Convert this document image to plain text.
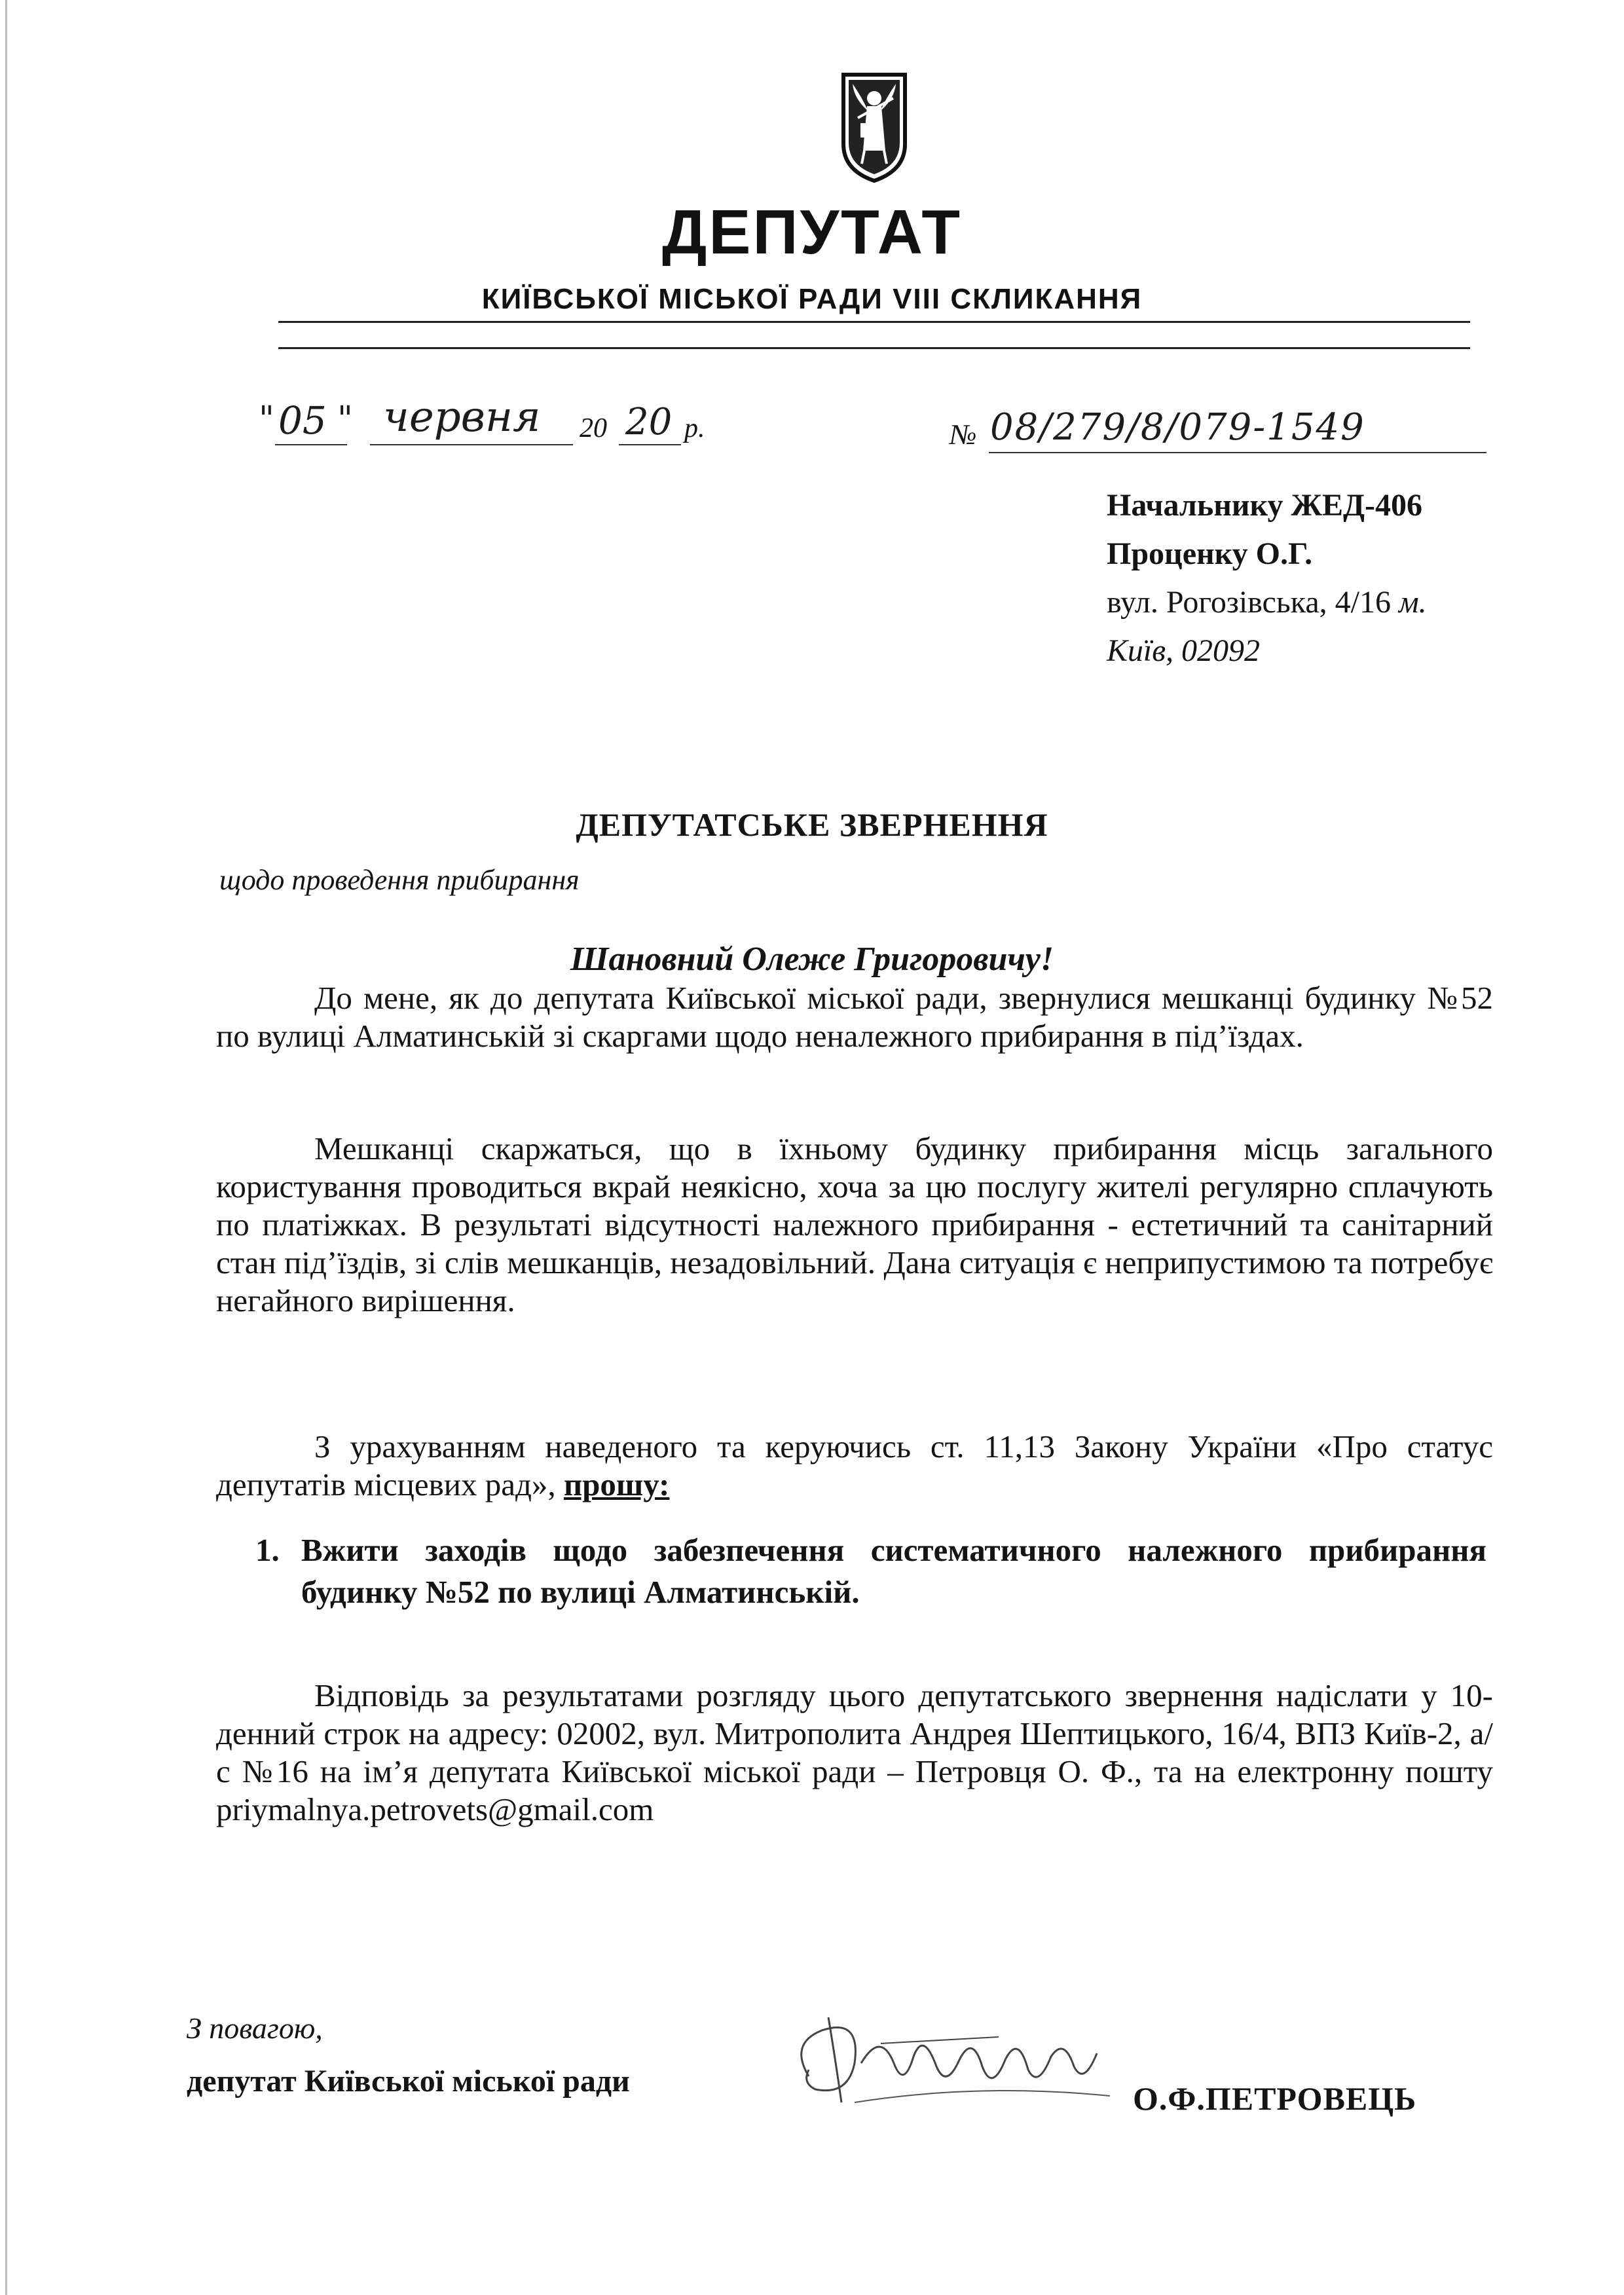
ДЕПУТАТ
КИЇВСЬКОЇ МІСЬКОЇ РАДИ VIII СКЛИКАННЯ
" 05 " червня 20 20 р.	№ 08/279/8/079-1549
Начальнику ЖЕД-406
Проценку О.Г.
вул. Рогозівська, 4/16 м.
Київ, 02092
ДЕПУТАТСЬКЕ ЗВЕРНЕННЯ
щодо проведення прибирання
Шановний Олеже Григоровичу!

До мене, як до депутата Київської міської ради, звернулися мешканці будинку №52 по вулиці Алматинській зі скаргами щодо неналежного прибирання в під’їздах.

Мешканці скаржаться, що в їхньому будинку прибирання місць загального користування проводиться вкрай неякісно, хоча за цю послугу жителі регулярно сплачують по платіжках. В результаті відсутності належного прибирання - естетичний та санітарний стан під’їздів, зі слів мешканців, незадовільний. Дана ситуація є неприпустимою та потребує негайного вирішення.

З урахуванням наведеного та керуючись ст. 11,13 Закону України «Про статус депутатів місцевих рад», прошу:

1. Вжити заходів щодо забезпечення систематичного належного прибирання будинку №52 по вулиці Алматинській.

Відповідь за результатами розгляду цього депутатського звернення надіслати у 10-денний строк на адресу: 02002, вул. Митрополита Андрея Шептицького, 16/4, ВПЗ Київ-2, а/с №16 на ім’я депутата Київської міської ради – Петровця О. Ф., та на електронну пошту priymalnya.petrovets@gmail.com

З повагою,
депутат Київської міської ради	О.Ф.ПЕТРОВЕЦЬ
